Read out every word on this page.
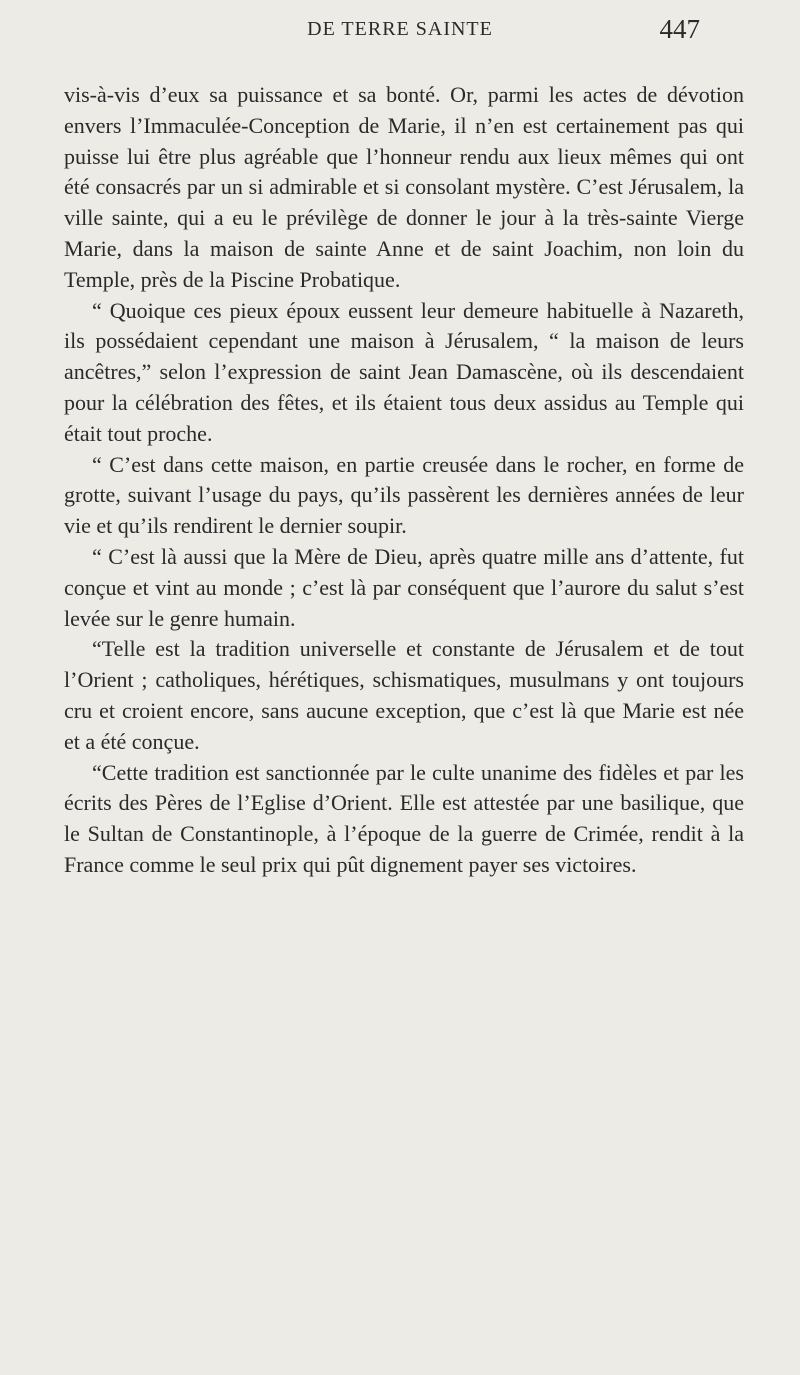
DE TERRE SAINTE	447

vis-à-vis d’eux sa puissance et sa bonté. Or, parmi les actes de dévotion envers l’Immaculée-Conception de Marie, il n’en est certainement pas qui puisse lui être plus agréable que l’honneur rendu aux lieux mêmes qui ont été consacrés par un si admirable et si consolant mystère. C’est Jérusalem, la ville sainte, qui a eu le prévilège de donner le jour à la très-sainte Vierge Marie, dans la maison de sainte Anne et de saint Joachim, non loin du Temple, près de la Piscine Probatique.

“ Quoique ces pieux époux eussent leur demeure habituelle à Nazareth, ils possédaient cependant une maison à Jérusalem, “ la maison de leurs ancêtres,” selon l’expression de saint Jean Damascène, où ils descendaient pour la célébration des fêtes, et ils étaient tous deux assidus au Temple qui était tout proche.

“ C’est dans cette maison, en partie creusée dans le rocher, en forme de grotte, suivant l’usage du pays, qu’ils passèrent les dernières années de leur vie et qu’ils rendirent le dernier soupir.

“ C’est là aussi que la Mère de Dieu, après quatre mille ans d’attente, fut conçue et vint au monde ; c’est là par conséquent que l’aurore du salut s’est levée sur le genre humain.

“Telle est la tradition universelle et constante de Jérusalem et de tout l’Orient ; catholiques, hérétiques, schismatiques, musulmans y ont toujours cru et croient encore, sans aucune exception, que c’est là que Marie est née et a été conçue.

“Cette tradition est sanctionnée par le culte unanime des fidèles et par les écrits des Pères de l’Eglise d’Orient. Elle est attestée par une basilique, que le Sultan de Constantinople, à l’époque de la guerre de Crimée, rendit à la France comme le seul prix qui pût dignement payer ses victoires.
